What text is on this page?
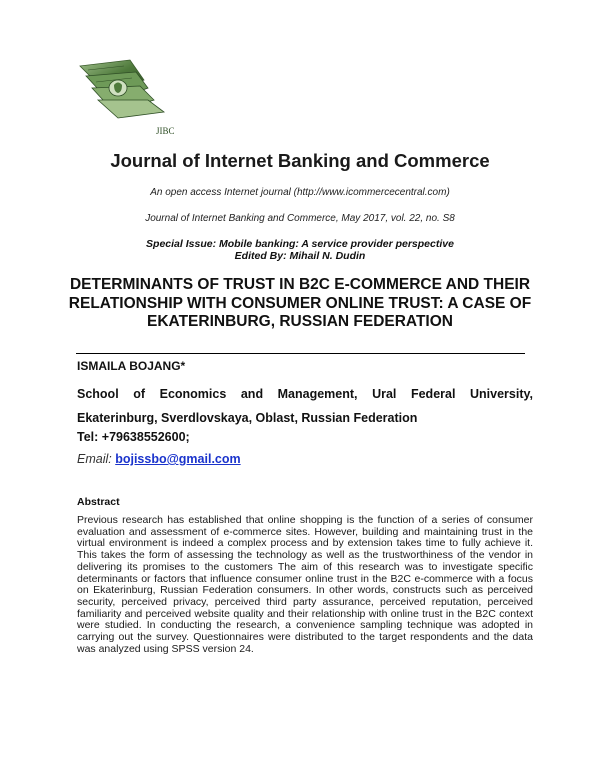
JIBC
Journal of Internet Banking and Commerce
An open access Internet journal (http://www.icommercecentral.com)
Journal of Internet Banking and Commerce, May 2017, vol. 22, no. S8
Special Issue: Mobile banking: A service provider perspective
Edited By: Mihail N. Dudin
DETERMINANTS OF TRUST IN B2C E-COMMERCE AND THEIR RELATIONSHIP WITH CONSUMER ONLINE TRUST: A CASE OF EKATERINBURG, RUSSIAN FEDERATION
ISMAILA BOJANG*
School of Economics and Management, Ural Federal University,
Ekaterinburg, Sverdlovskaya, Oblast, Russian Federation
Tel: +79638552600;
Email: bojissbo@gmail.com
Abstract
Previous research has established that online shopping is the function of a series of consumer evaluation and assessment of e-commerce sites. However, building and maintaining trust in the virtual environment is indeed a complex process and by extension takes time to fully achieve it. This takes the form of assessing the technology as well as the trustworthiness of the vendor in delivering its promises to the customers The aim of this research was to investigate specific determinants or factors that influence consumer online trust in the B2C e-commerce with a focus on Ekaterinburg, Russian Federation consumers. In other words, constructs such as perceived security, perceived privacy, perceived third party assurance, perceived reputation, perceived familiarity and perceived website quality and their relationship with online trust in the B2C context were studied. In conducting the research, a convenience sampling technique was adopted in carrying out the survey. Questionnaires were distributed to the target respondents and the data was analyzed using SPSS version 24.
